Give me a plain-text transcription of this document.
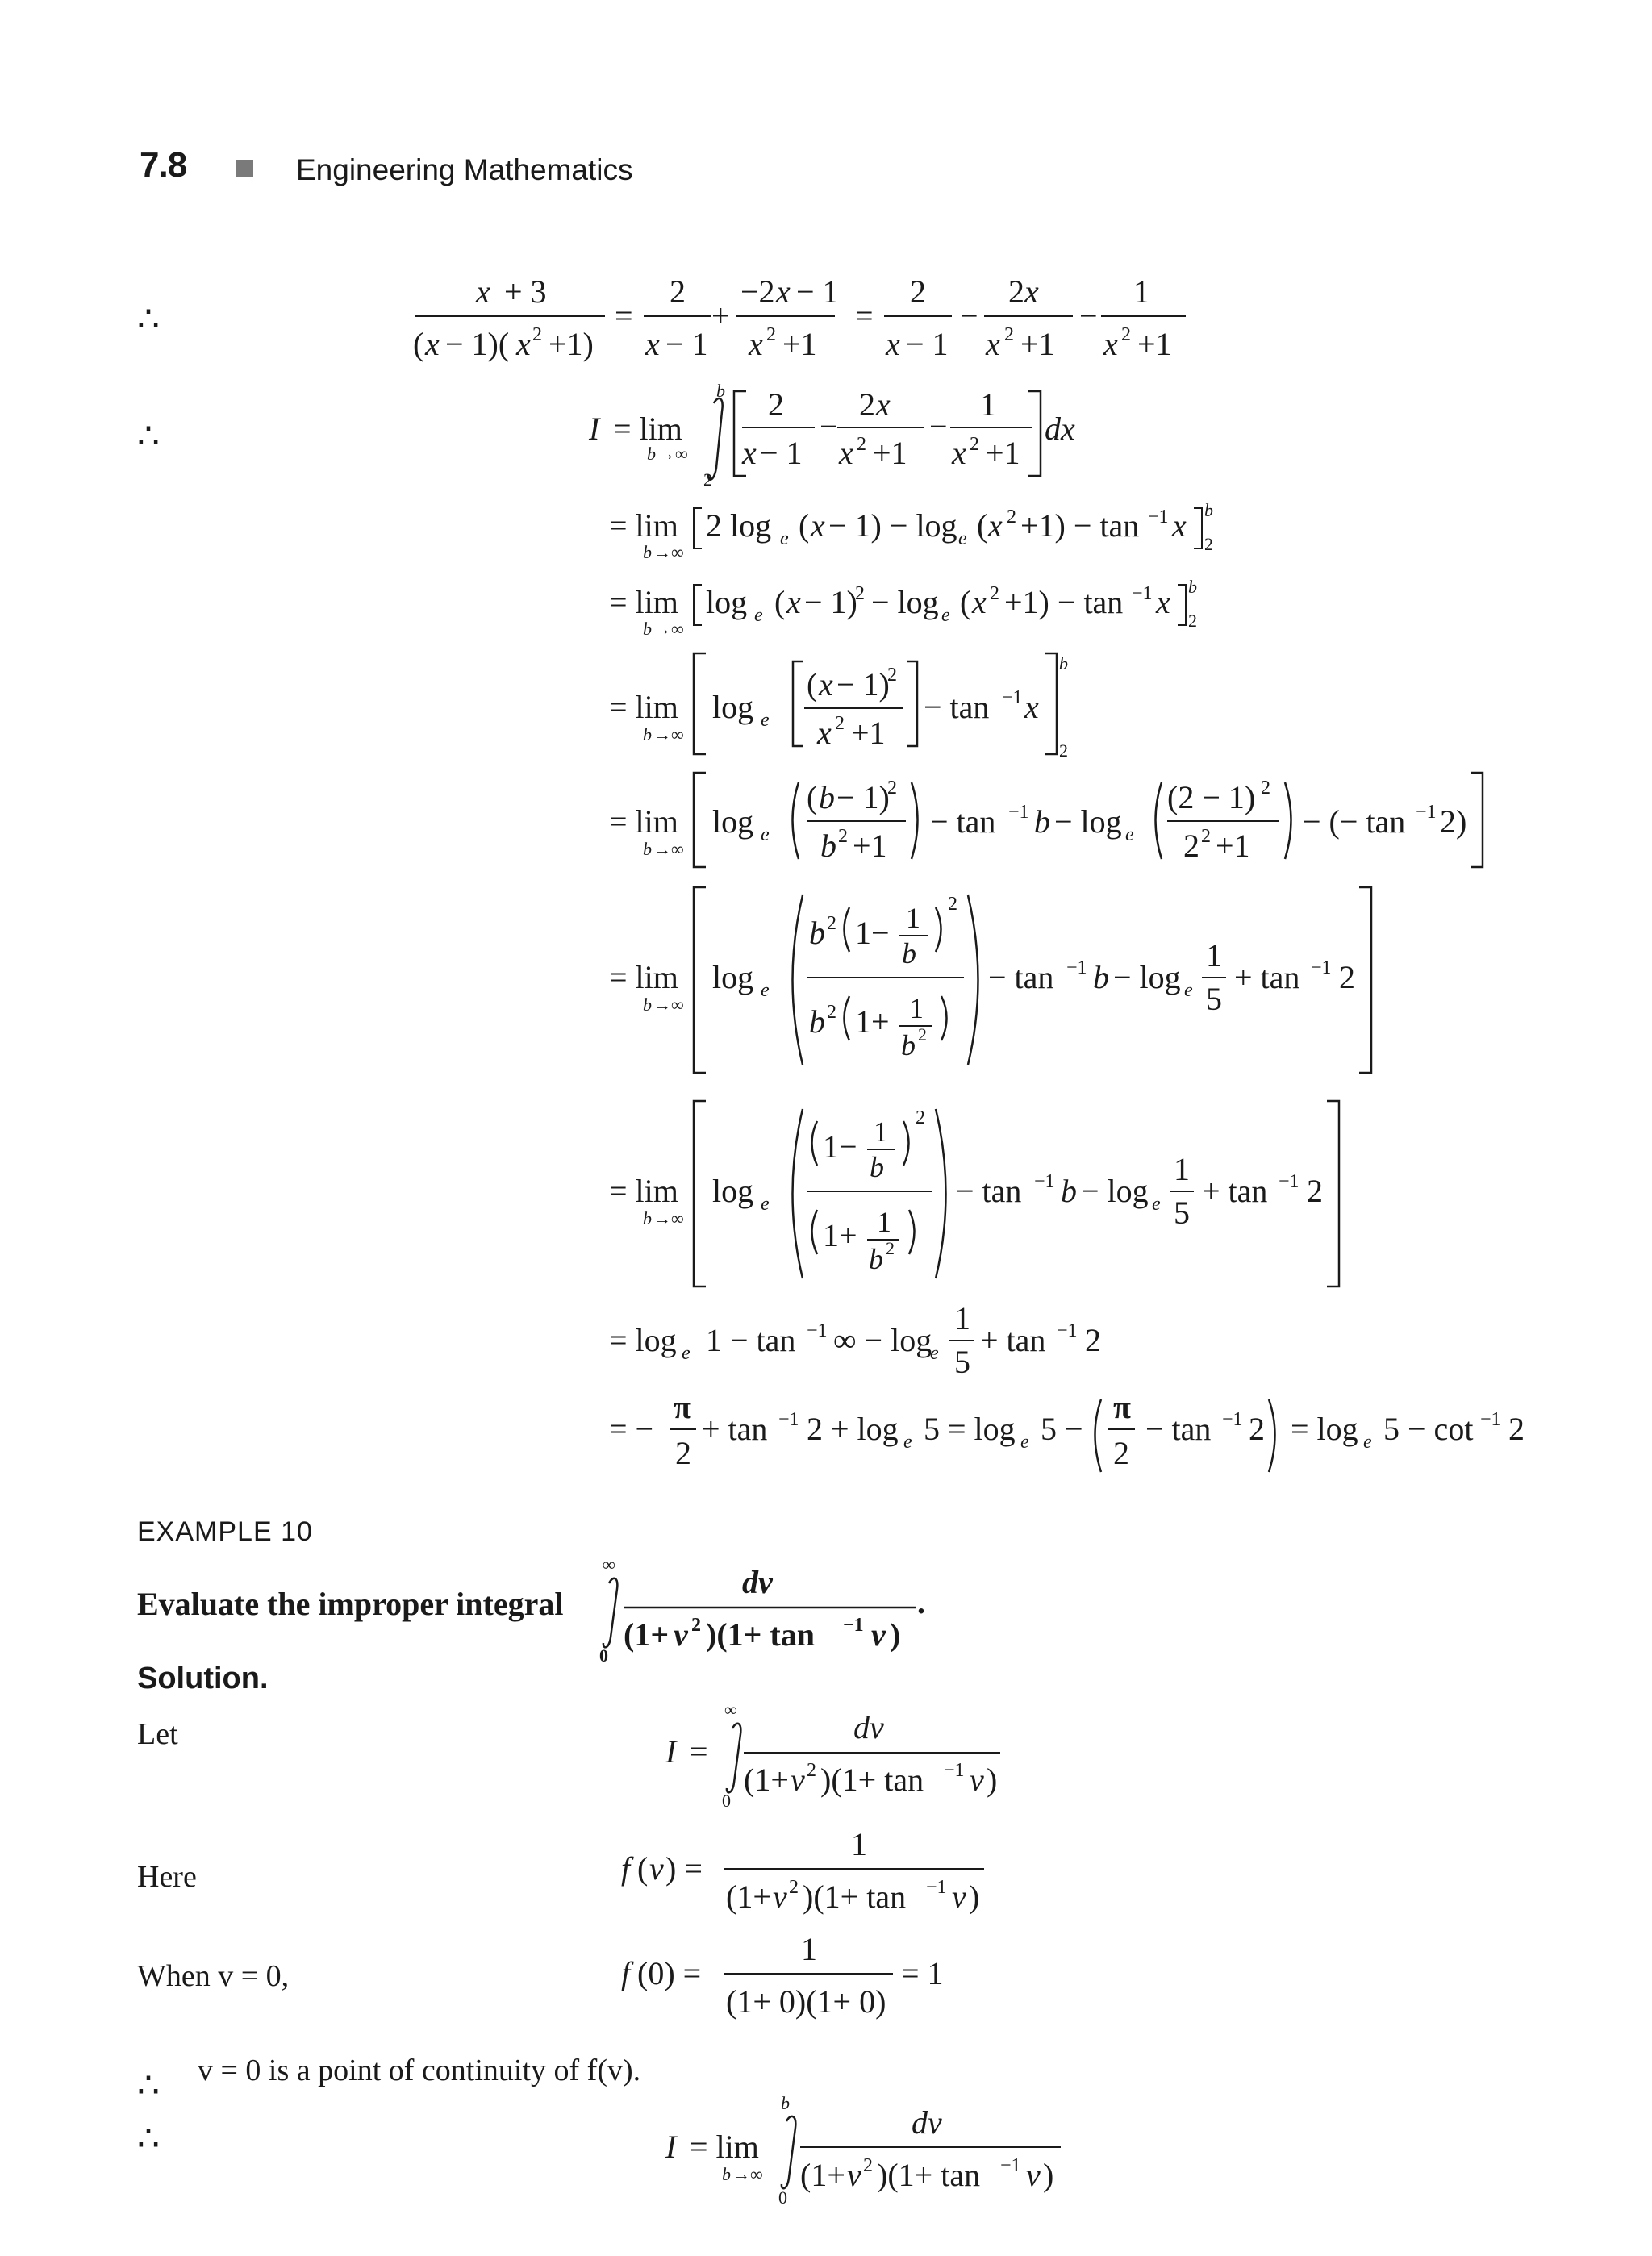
7.8	Engineering Mathematics
∴
∴
∴
∴
x + 3
( x − 1)( x 2 +1)
=
2
x − 1
+
−2 x − 1
x 2 +1
=
2
x − 1
−
2 x
x 2 +1
−
1
x 2 +1
I = lim
b →∞
b
2
2
x − 1
−
2 x
x 2 +1
−
1
x 2 +1
dx
= lim
b →∞
2 log e ( x − 1) − log e ( x 2 +1) − tan −1 x b
2
= lim
b →∞
log e ( x − 1)
2 − log e ( x 2 +1) − tan −1 x b
2
= lim
b →∞
log e
( x − 1)
2
x 2 +1
− tan −1 x
b
2
= lim
b →∞
log e
( b − 1)
2
b 2 +1
− tan −1 b − log e
(2 − 1) 2
2 2 +1
− (− tan −1 2)
= lim
b →∞
log e
b 2 1− 1
b
2
b 2 1+ 1
b 2
− tan −1 b − log e
1
5
+ tan −1 2
= lim
b →∞
log e
1− 1
b
2
1+ 1
b 2
− tan −1 b − log e
1
5
+ tan −1 2
= log e 1 − tan −1 ∞ − log
e
1
5
+ tan −1 2
= −
π
2
+ tan −1 2 + log e 5 = log e 5 −
π
2
− tan −1 2 = log e 5 − cot −1 2
EXAMPLE 10
Evaluate the improper integral
∞
0
dv
(1+ v 2 )(1+ tan −1 v )
.
Solution.
Let	I =
∞
0
dv
(1+ v 2 )(1+ tan −1 v )
Here	f ( v ) =
1
(1+ v 2 )(1+ tan −1 v )
When v = 0,	f (0) =
1
(1+ 0)(1+ 0)
= 1
v = 0 is a point of continuity of f(v).
I = lim
b →∞
b
0
dv
(1+ v 2 )(1+ tan −1 v )
